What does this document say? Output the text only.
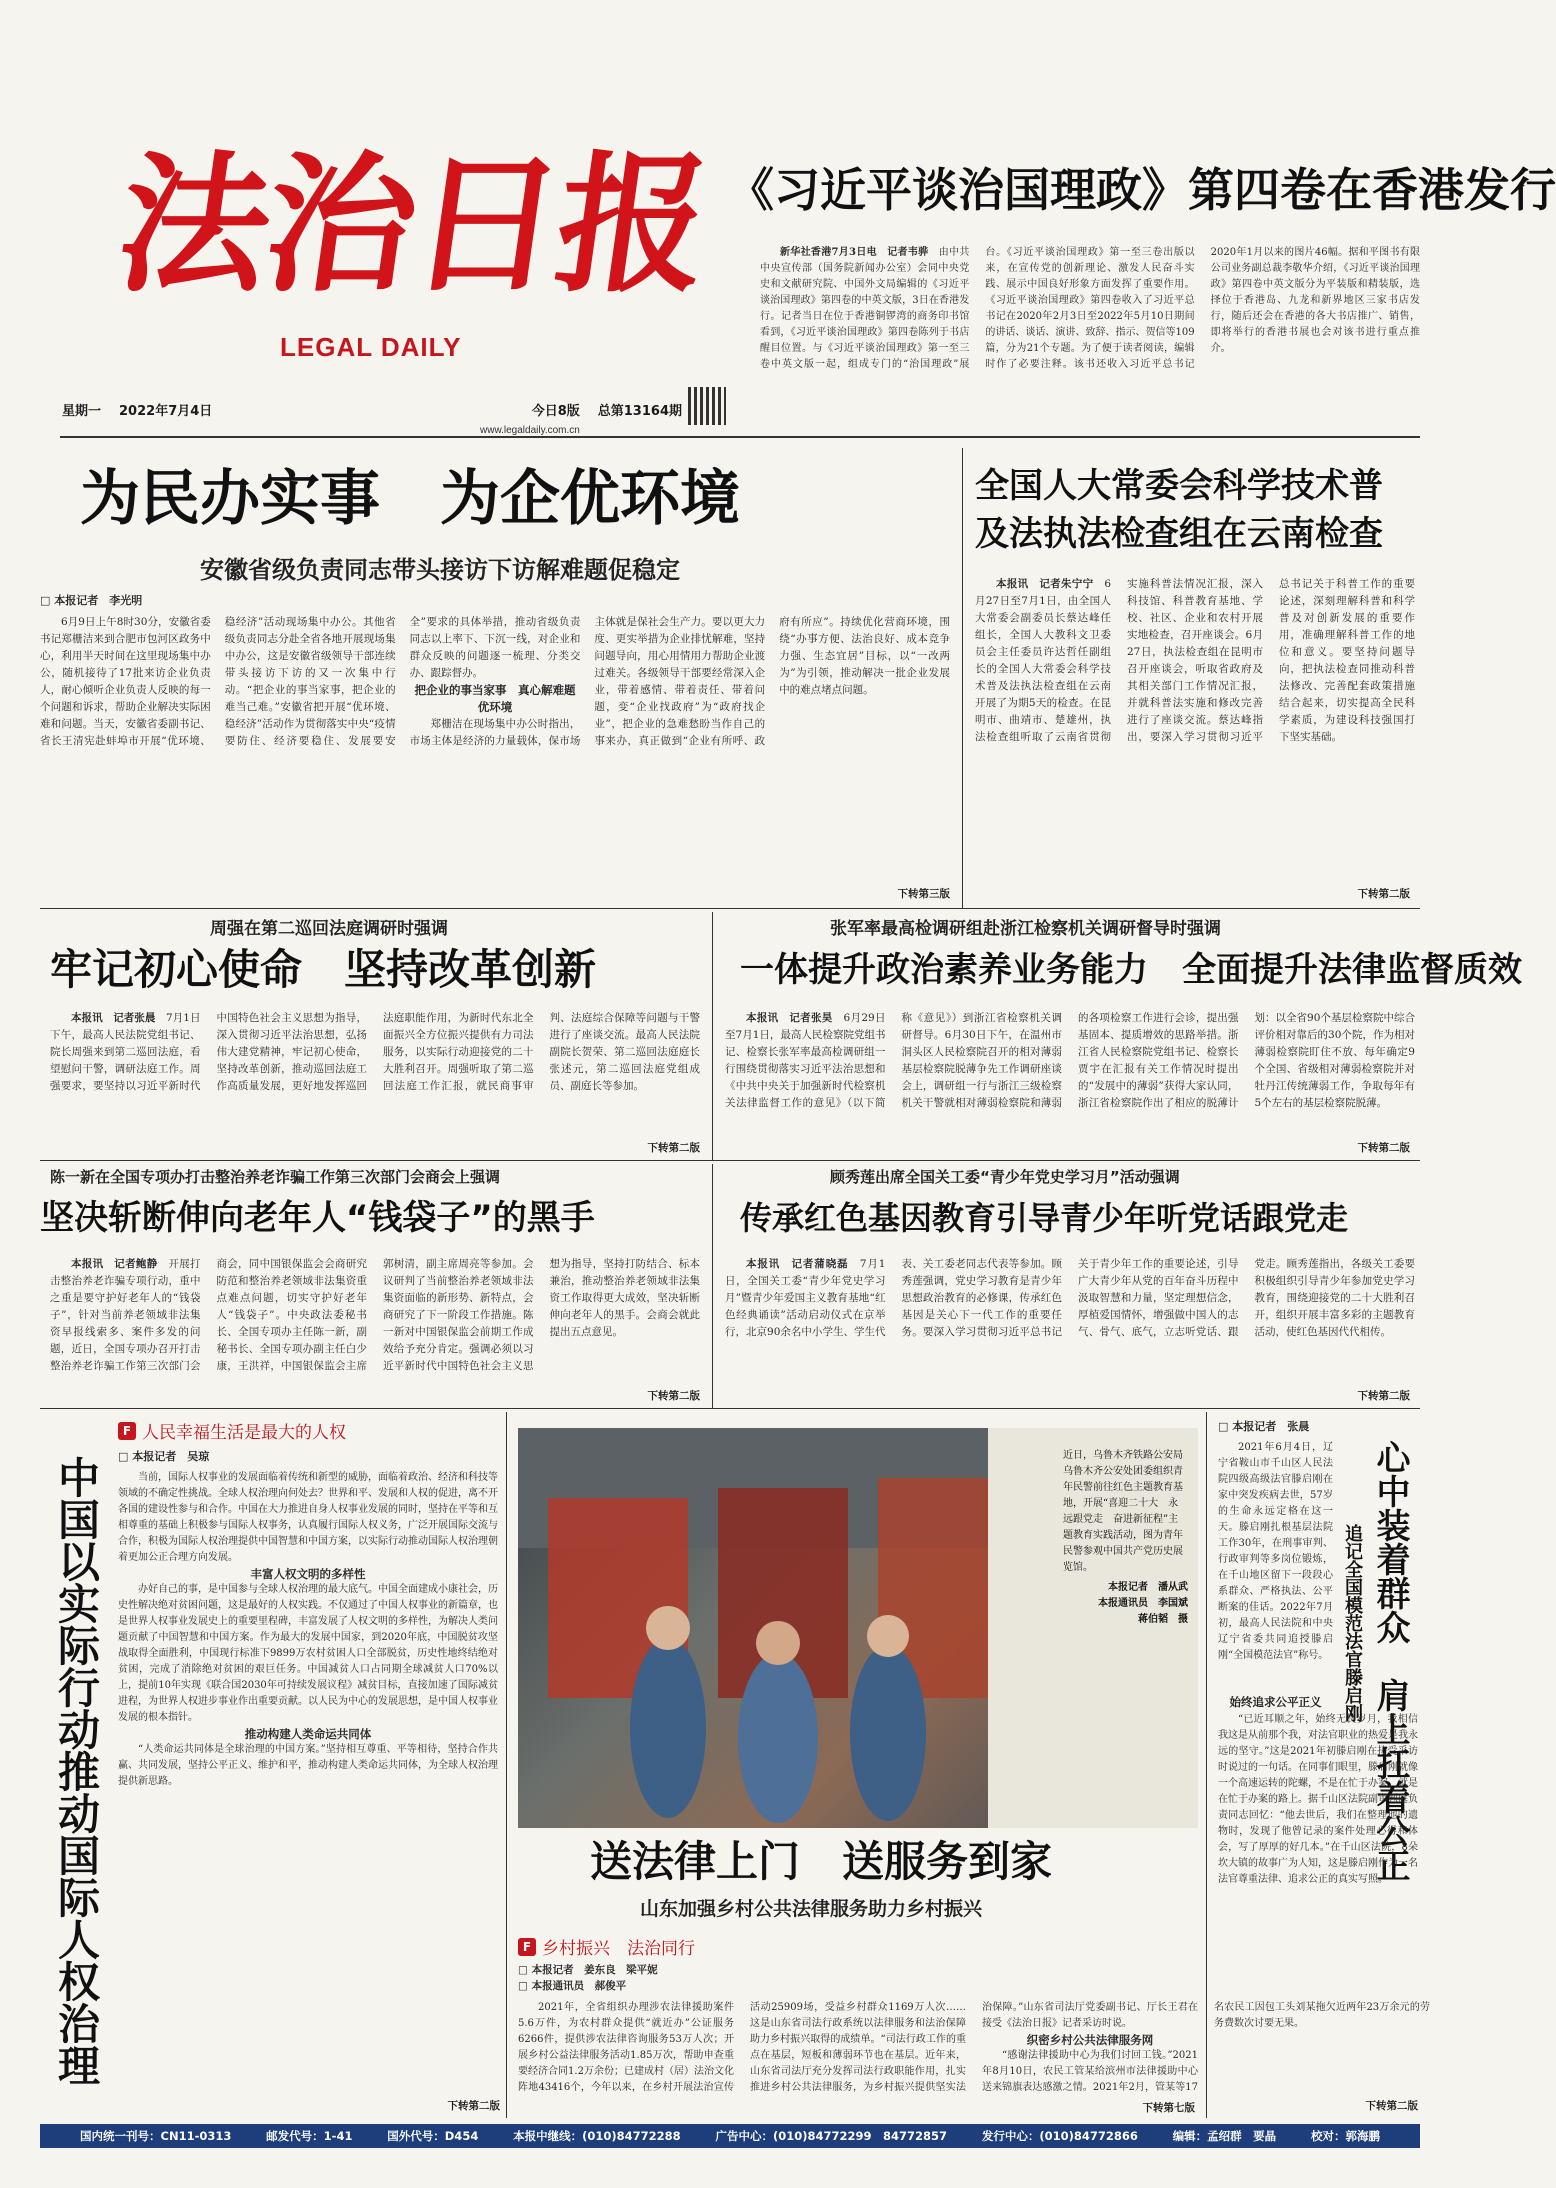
法治日报
LEGAL DAILY
星期一 2022年7月4日	今日8版 总第13164期
www.legaldaily.com.cn
《习近平谈治国理政》第四卷在香港发行

新华社香港7月3日电　记者韦骅　 由中共中央宣传部（国务院新闻办公室）会同中央党史和文献研究院、中国外文局编辑的《习近平谈治国理政》第四卷的中英文版，3日在香港发行。记者当日在位于香港铜锣湾的商务印书馆看到，《习近平谈治国理政》第四卷陈列于书店醒目位置。与《习近平谈治国理政》第一至三卷中英文版一起，组成专门的“治国理政”展台。《习近平谈治国理政》第一至三卷出版以来，在宣传党的创新理论、激发人民奋斗实践、展示中国良好形象方面发挥了重要作用。《习近平谈治国理政》第四卷收入了习近平总书记在2020年2月3日至2022年5月10日期间的讲话、谈话、演讲、致辞、指示、贺信等109篇，分为21个专题。为了便于读者阅读，编辑时作了必要注释。该书还收入习近平总书记2020年1月以来的图片46幅。据和平图书有限公司业务副总裁李敬华介绍，《习近平谈治国理政》第四卷中英文版分为平装版和精装版，选择位于香港岛、九龙和新界地区三家书店发行，随后还会在香港的各大书店推广、销售，即将举行的香港书展也会对该书进行重点推介。

为民办实事　为企优环境
安徽省级负责同志带头接访下访解难题促稳定
□ 本报记者　李光明

6月9日上午8时30分，安徽省委书记郑栅洁来到合肥市包河区政务中心，利用半天时间在这里现场集中办公，随机接待了17批来访企业负责人，耐心倾听企业负责人反映的每一个问题和诉求，帮助企业解决实际困难和问题。当天，安徽省委副书记、省长王清宪赴蚌埠市开展“优环境、稳经济”活动现场集中办公。其他省级负责同志分赴全省各地开展现场集中办公，这是安徽省级领导干部连续带头接访下访的又一次集中行动。“把企业的事当家事，把企业的难当己难。”安徽省把开展“优环境、稳经济”活动作为贯彻落实中央“疫情要防住、经济要稳住、发展要安全”要求的具体举措，推动省级负责同志以上率下、下沉一线，对企业和群众反映的问题逐一梳理、分类交办、跟踪督办。

把企业的事当家事　真心解难题优环境

郑栅洁在现场集中办公时指出，市场主体是经济的力量载体，保市场主体就是保社会生产力。要以更大力度、更实举措为企业排忧解难，坚持问题导向，用心用情用力帮助企业渡过难关。各级领导干部要经常深入企业，带着感情、带着责任、带着问题，变“企业找政府”为“政府找企业”，把企业的急难愁盼当作自己的事来办，真正做到“企业有所呼、政府有所应”。持续优化营商环境，围绕“办事方便、法治良好、成本竞争力强、生态宜居”目标，以“一改两为”为引领，推动解决一批企业发展中的难点堵点问题。

下转第三版
全国人大常委会科学技术普及法执法检查组在云南检查

本报讯　记者朱宁宁　 6月27日至7月1日，由全国人大常委会副委员长蔡达峰任组长，全国人大教科文卫委员会主任委员许达哲任副组长的全国人大常委会科学技术普及法执法检查组在云南开展了为期5天的检查。在昆明市、曲靖市、楚雄州，执法检查组听取了云南省贯彻实施科普法情况汇报，深入科技馆、科普教育基地、学校、社区、企业和农村开展实地检查，召开座谈会。6月27日，执法检查组在昆明市召开座谈会，听取省政府及其相关部门工作情况汇报，并就科普法实施和修改完善进行了座谈交流。蔡达峰指出，要深入学习贯彻习近平总书记关于科普工作的重要论述，深刻理解科普和科学普及对创新发展的重要作用，准确理解科普工作的地位和意义。要坚持问题导向，把执法检查同推动科普法修改、完善配套政策措施结合起来，切实提高全民科学素质，为建设科技强国打下坚实基础。

下转第二版
周强在第二巡回法庭调研时强调
牢记初心使命　坚持改革创新

本报讯　记者张晨　 7月1日下午，最高人民法院党组书记、院长周强来到第二巡回法庭，看望慰问干警，调研法庭工作。周强要求，要坚持以习近平新时代中国特色社会主义思想为指导，深入贯彻习近平法治思想，弘扬伟大建党精神，牢记初心使命，坚持改革创新，推动巡回法庭工作高质量发展，更好地发挥巡回法庭职能作用，为新时代东北全面振兴全方位振兴提供有力司法服务，以实际行动迎接党的二十大胜利召开。周强听取了第二巡回法庭工作汇报，就民商事审判、法庭综合保障等问题与干警进行了座谈交流。最高人民法院副院长贺荣、第二巡回法庭庭长张述元，第二巡回法庭党组成员、副庭长等参加。

下转第二版
张军率最高检调研组赴浙江检察机关调研督导时强调
一体提升政治素养业务能力　全面提升法律监督质效

本报讯　记者张昊　 6月29日至7月1日，最高人民检察院党组书记、检察长张军率最高检调研组一行围绕贯彻落实习近平法治思想和《中共中央关于加强新时代检察机关法律监督工作的意见》（以下简称《意见》）到浙江省检察机关调研督导。6月30日下午，在温州市洞头区人民检察院召开的相对薄弱基层检察院脱薄争先工作调研座谈会上，调研组一行与浙江三级检察机关干警就相对薄弱检察院和薄弱的各项检察工作进行会诊，提出强基固本、提质增效的思路举措。浙江省人民检察院党组书记、检察长贾宇在汇报有关工作情况时提出的“发展中的薄弱”获得大家认同，浙江省检察院作出了相应的脱薄计划：以全省90个基层检察院中综合评价相对靠后的30个院，作为相对薄弱检察院盯住不放、每年确定9个全国、省级相对薄弱检察院并对牡丹江传统薄弱工作，争取每年有5个左右的基层检察院脱薄。

下转第二版
陈一新在全国专项办打击整治养老诈骗工作第三次部门会商会上强调
坚决斩断伸向老年人“钱袋子”的黑手

本报讯　记者鲍静　 开展打击整治养老诈骗专项行动，重中之重是要守护好老年人的“钱袋子”，针对当前养老领域非法集资早报线索多、案件多发的问题，近日，全国专项办召开打击整治养老诈骗工作第三次部门会商会，同中国银保监会会商研究防范和整治养老领域非法集资重点难点问题，切实守护好老年人“钱袋子”。中央政法委秘书长、全国专项办主任陈一新，副秘书长、全国专项办副主任白少康，王洪祥，中国银保监会主席郭树清，副主席周亮等参加。会议研判了当前整治养老领域非法集资面临的新形势、新特点，会商研究了下一阶段工作措施。陈一新对中国银保监会前期工作成效给予充分肯定。强调必须以习近平新时代中国特色社会主义思想为指导，坚持打防结合、标本兼治，推动整治养老领域非法集资工作取得更大成效，坚决斩断伸向老年人的黑手。会商会就此提出五点意见。

下转第二版
顾秀莲出席全国关工委“青少年党史学习月”活动强调
传承红色基因教育引导青少年听党话跟党走

本报讯　记者蒲晓磊　 7月1日，全国关工委“青少年党史学习月”暨青少年爱国主义教育基地“红色经典诵读”活动启动仪式在京举行，北京90余名中小学生、学生代表、关工委老同志代表等参加。顾秀莲强调，党史学习教育是青少年思想政治教育的必修课，传承红色基因是关心下一代工作的重要任务。要深入学习贯彻习近平总书记关于青少年工作的重要论述，引导广大青少年从党的百年奋斗历程中汲取智慧和力量，坚定理想信念，厚植爱国情怀，增强做中国人的志气、骨气、底气，立志听党话、跟党走。顾秀莲指出，各级关工委要积极组织引导青少年参加党史学习教育，围绕迎接党的二十大胜利召开，组织开展丰富多彩的主题教育活动，使红色基因代代相传。

下转第二版
中国以实际行动推动国际人权治理
F 人民幸福生活是最大的人权
□ 本报记者　吴琼

当前，国际人权事业的发展面临着传统和新型的威胁，面临着政治、经济和科技等领域的不确定性挑战。全球人权治理向何处去？世界和平、发展和人权的促进，离不开各国的建设性参与和合作。中国在大力推进自身人权事业发展的同时，坚持在平等和互相尊重的基础上积极参与国际人权事务，认真履行国际人权义务，广泛开展国际交流与合作，积极为国际人权治理提供中国智慧和中国方案，以实际行动推动国际人权治理朝着更加公正合理方向发展。

丰富人权文明的多样性

办好自己的事，是中国参与全球人权治理的最大底气。中国全面建成小康社会，历史性解决绝对贫困问题，这是最好的人权实践。不仅通过了中国人权事业的新篇章，也是世界人权事业发展史上的重要里程碑，丰富发展了人权文明的多样性，为解决人类问题贡献了中国智慧和中国方案。作为最大的发展中国家，到2020年底，中国脱贫攻坚战取得全面胜利，中国现行标准下9899万农村贫困人口全部脱贫，历史性地终结绝对贫困，完成了消除绝对贫困的艰巨任务。中国减贫人口占同期全球减贫人口70%以上，提前10年实现《联合国2030年可持续发展议程》减贫目标，直接加速了国际减贫进程，为世界人权进步事业作出重要贡献。以人民为中心的发展思想，是中国人权事业发展的根本指针。

推动构建人类命运共同体

“人类命运共同体是全球治理的中国方案。”坚持相互尊重、平等相待，坚持合作共赢、共同发展，坚持公平正义、维护和平，推动构建人类命运共同体，为全球人权治理提供新思路。

下转第二版
近日，乌鲁木齐铁路公安局乌鲁木齐公安处团委组织青年民警前往红色主题教育基地，开展“喜迎二十大　永远跟党走　奋进新征程”主题教育实践活动，图为青年民警参观中国共产党历史展览馆。
本报记者　潘从武
本报通讯员　李国斌
蒋伯韬　摄
送法律上门　送服务到家
山东加强乡村公共法律服务助力乡村振兴
F 乡村振兴　法治同行
□ 本报记者　姜东良　梁平妮
□ 本报通讯员　郝俊平

2021年，全省组织办理涉农法律援助案件5.6万件，为农村群众提供“就近办”公证服务6266件，提供涉农法律咨询服务53万人次；开展乡村公益法律服务活动1.85万次，帮助申查重要经济合同1.2万余份；已建成村（居）法治文化阵地43416个，今年以来，在乡村开展法治宣传活动25909场，受益乡村群众1169万人次……这是山东省司法行政系统以法律服务和法治保障助力乡村振兴取得的成绩单。“司法行政工作的重点在基层，短板和薄弱环节也在基层。近年来，山东省司法厅充分发挥司法行政职能作用，扎实推进乡村公共法律服务，为乡村振兴提供坚实法治保障。”山东省司法厅党委副书记、厅长王君在接受《法治日报》记者采访时说。

织密乡村公共法律服务网

“感谢法律援助中心为我们讨回工钱。”2021年8月10日，农民工管某给滨州市法律援助中心送来锦旗表达感激之情。2021年2月，管某等17名农民工因包工头刘某拖欠近两年23万余元的劳务费数次讨要无果。

下转第七版
□ 本报记者　张晨
心中装着群众　肩上扛着公正
追记全国模范法官滕启刚

2021年6月4日，辽宁省鞍山市千山区人民法院四级高级法官滕启刚在家中突发疾病去世，57岁的生命永远定格在这一天。滕启刚扎根基层法院工作30年，在刑事审判、行政审判等多岗位锻炼，在千山地区留下一段段心系群众、严格执法、公平断案的佳话。2022年7月初，最高人民法院和中央辽宁省委共同追授滕启刚“全国模范法官”称号。

始终追求公平正义

“已近耳顺之年，始终无畏岁月，我相信我这是从前那个我，对法官职业的热爱是我永远的坚守。”这是2021年初滕启刚在接受采访时说过的一句话。在同事们眼里，滕启刚就像一个高速运转的陀螺，不是在忙于办案，就是在忙于办案的路上。据千山区法院副审判庭负责同志回忆：“他去世后，我们在整理他的遗物时，发现了他曾记录的案件处理心得和体会，写了厚厚的好几本。”在千山区法院，8朵坎大镇的故事广为人知，这是滕启刚作为一名法官尊重法律、追求公正的真实写照。

下转第二版
国内统一刊号：CN11-0313	邮发代号：1-41	国外代号：D454	本报中继线：(010)84772288	广告中心：(010)84772299　84772857	发行中心：(010)84772866	编辑：孟绍群　要晶	校对：郭海鹏
